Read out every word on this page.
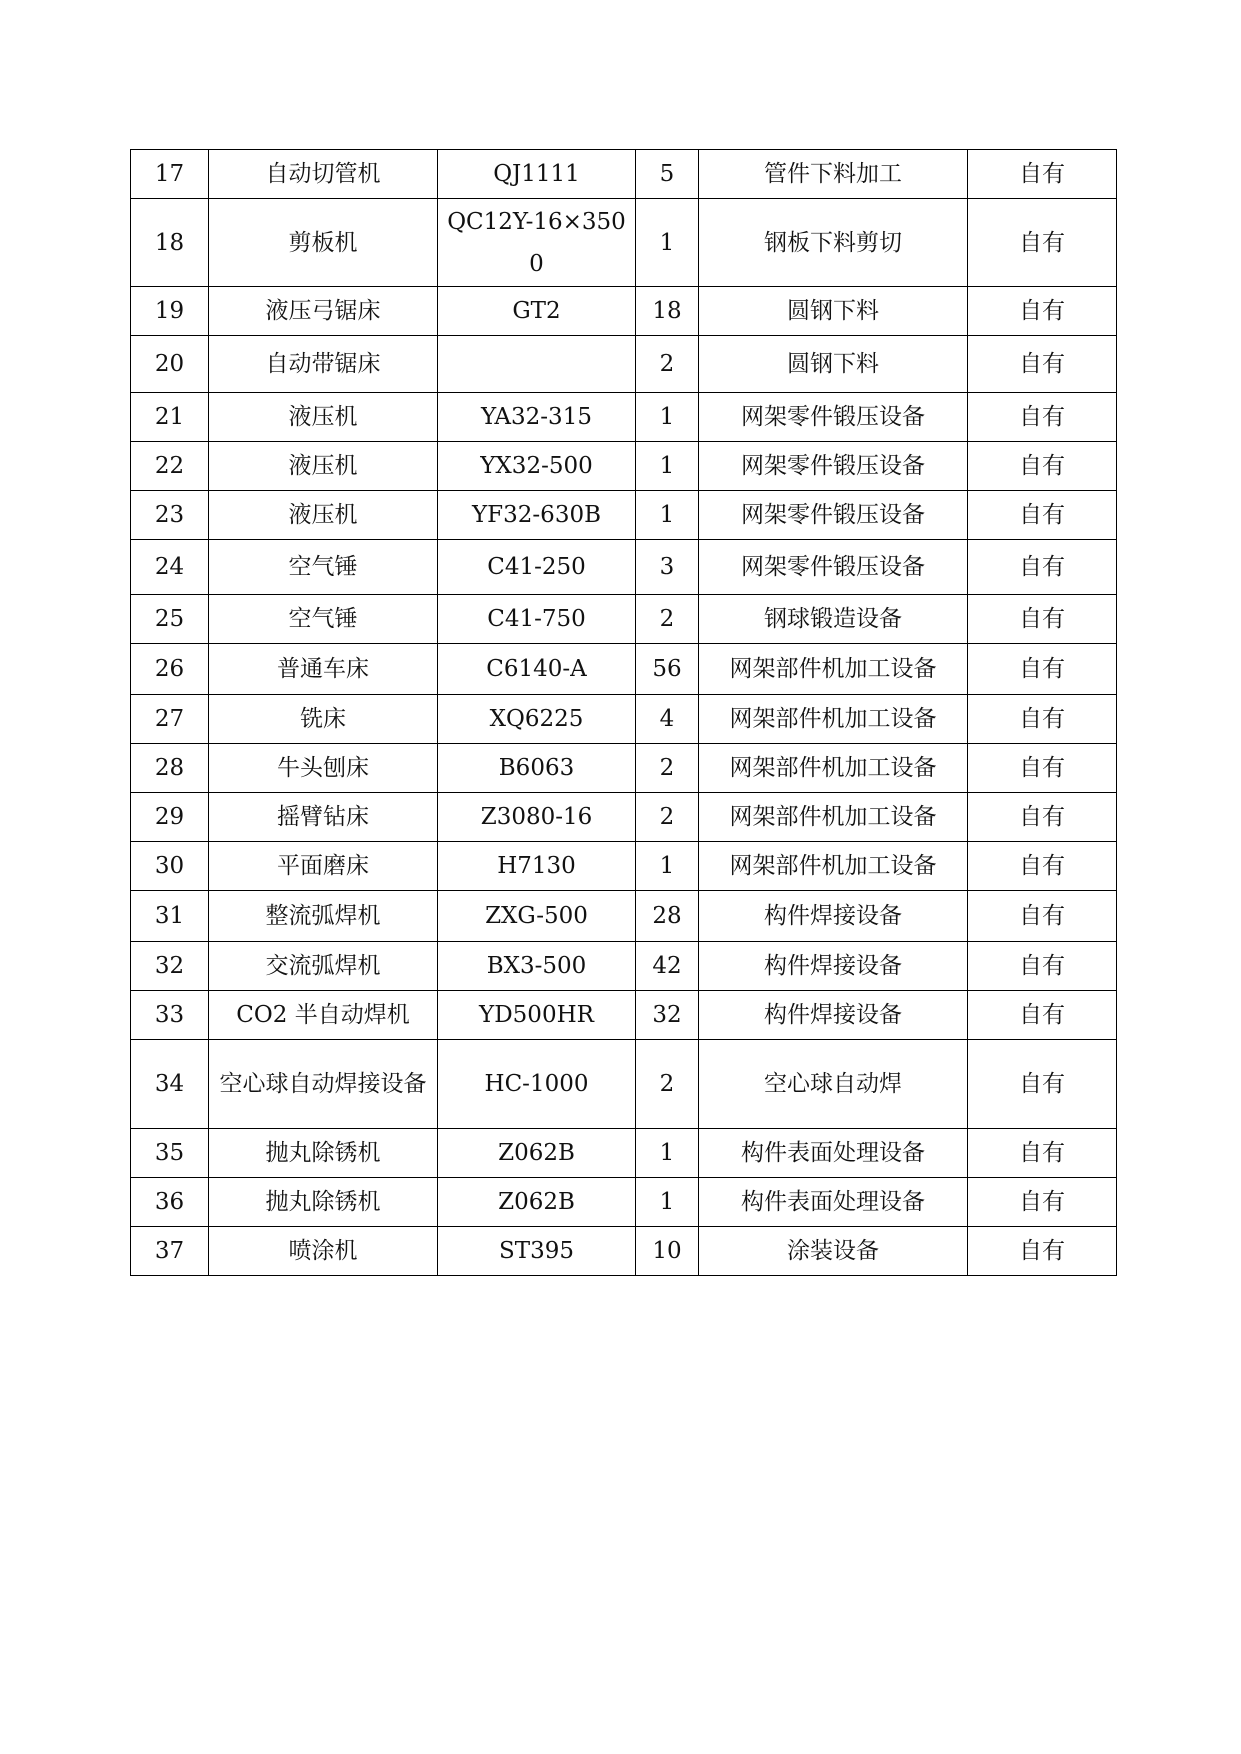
17	自动切管机	QJ1111	5	管件下料加工	自有
18	剪板机	QC12Y-16×3500	1	钢板下料剪切	自有
19	液压弓锯床	GT2	18	圆钢下料	自有
20	自动带锯床		2	圆钢下料	自有
21	液压机	YA32-315	1	网架零件锻压设备	自有
22	液压机	YX32-500	1	网架零件锻压设备	自有
23	液压机	YF32-630B	1	网架零件锻压设备	自有
24	空气锤	C41-250	3	网架零件锻压设备	自有
25	空气锤	C41-750	2	钢球锻造设备	自有
26	普通车床	C6140-A	56	网架部件机加工设备	自有
27	铣床	XQ6225	4	网架部件机加工设备	自有
28	牛头刨床	B6063	2	网架部件机加工设备	自有
29	摇臂钻床	Z3080-16	2	网架部件机加工设备	自有
30	平面磨床	H7130	1	网架部件机加工设备	自有
31	整流弧焊机	ZXG-500	28	构件焊接设备	自有
32	交流弧焊机	BX3-500	42	构件焊接设备	自有
33	CO2 半自动焊机	YD500HR	32	构件焊接设备	自有
34	空心球自动焊接设备	HC-1000	2	空心球自动焊	自有
35	抛丸除锈机	Z062B	1	构件表面处理设备	自有
36	抛丸除锈机	Z062B	1	构件表面处理设备	自有
37	喷涂机	ST395	10	涂装设备	自有
